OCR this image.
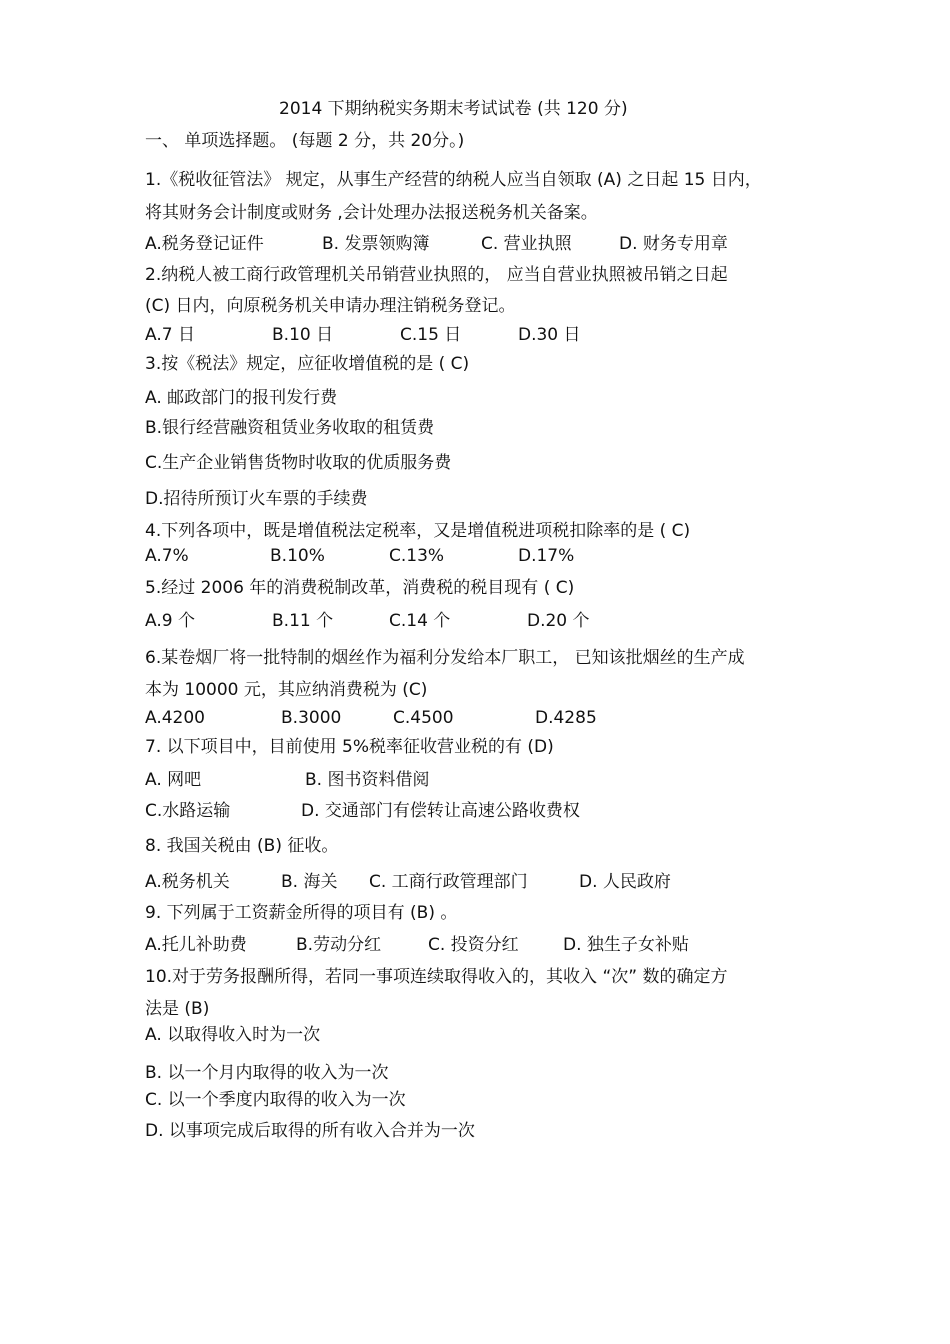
2014 下期纳税实务期末考试试卷 (共 120 分)
一、 单项选择题。 (每题 2 分，共 20分。)
1.《税收征管法》 规定，从事生产经营的纳税人应当自领取 (A) 之日起 15 日内，
将其财务会计制度或财务 ,会计处理办法报送税务机关备案。
A.税务登记证件	B. 发票领购簿	C. 营业执照	D. 财务专用章
2.纳税人被工商行政管理机关吊销营业执照的， 应当自营业执照被吊销之日起
(C) 日内，向原税务机关申请办理注销税务登记。
A.7 日	B.10 日	C.15 日	D.30 日
3.按《税法》规定，应征收增值税的是 ( C)
A. 邮政部门的报刊发行费
B.银行经营融资租赁业务收取的租赁费
C.生产企业销售货物时收取的优质服务费
D.招待所预订火车票的手续费
4.下列各项中，既是增值税法定税率，又是增值税进项税扣除率的是 ( C)
A.7%	B.10%	C.13%	D.17%
5.经过 2006 年的消费税制改革，消费税的税目现有 ( C)
A.9 个	B.11 个	C.14 个	D.20 个
6.某卷烟厂将一批特制的烟丝作为福利分发给本厂职工， 已知该批烟丝的生产成
本为 10000 元，其应纳消费税为 (C)
A.4200	B.3000	C.4500	D.4285
7. 以下项目中，目前使用 5%税率征收营业税的有 (D)
A. 网吧	B. 图书资料借阅
C.水路运输	D. 交通部门有偿转让高速公路收费权
8. 我国关税由 (B) 征收。
A.税务机关	B. 海关 C. 工商行政管理部门	D. 人民政府
9. 下列属于工资薪金所得的项目有 (B) 。
A.托儿补助费	B.劳动分红	C. 投资分红	D. 独生子女补贴
10.对于劳务报酬所得，若同一事项连续取得收入的，其收入 “次” 数的确定方
法是 (B)
A. 以取得收入时为一次
B. 以一个月内取得的收入为一次
C. 以一个季度内取得的收入为一次
D. 以事项完成后取得的所有收入合并为一次
